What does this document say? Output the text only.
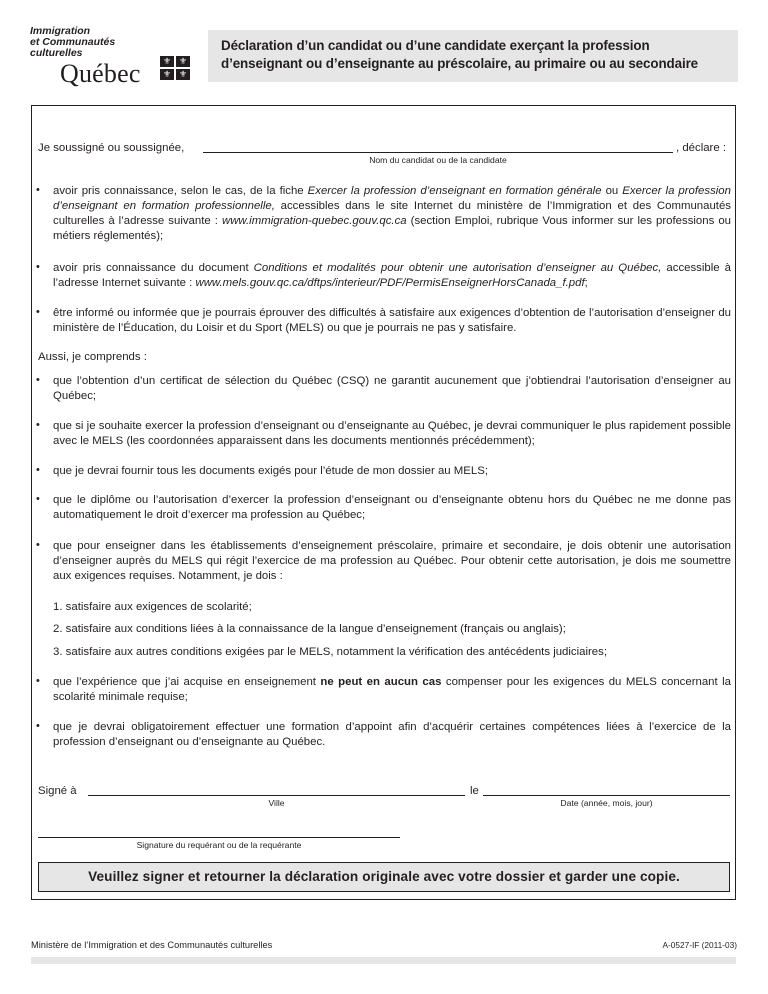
Immigration
et Communautés
culturelles
Québec	⚜ ⚜
⚜ ⚜
Déclaration d’un candidat ou d’une candidate exerçant la profession
d’enseignant ou d’enseignante au préscolaire, au primaire ou au secondaire
Je soussigné ou soussignée,	, déclare :
Nom du candidat ou de la candidate
• avoir pris connaissance, selon le cas, de la fiche Exercer la profession d’enseignant en formation générale ou Exercer la profession d’enseignant en formation professionnelle, accessibles dans le site Internet du ministère de l’Immigration et des Communautés culturelles à l’adresse suivante : www.immigration-quebec.gouv.qc.ca (section Emploi, rubrique Vous informer sur les professions ou métiers réglementés);
• avoir pris connaissance du document Conditions et modalités pour obtenir une autorisation d’enseigner au Québec, accessible à l’adresse Internet suivante : www.mels.gouv.qc.ca/dftps/interieur/PDF/PermisEnseignerHorsCanada_f.pdf;
• être informé ou informée que je pourrais éprouver des difficultés à satisfaire aux exigences d’obtention de l’autorisation d’enseigner du ministère de l’Éducation, du Loisir et du Sport (MELS) ou que je pourrais ne pas y satisfaire.
Aussi, je comprends :
• que l’obtention d’un certificat de sélection du Québec (CSQ) ne garantit aucunement que j’obtiendrai l’autorisation d’enseigner au Québec;
• que si je souhaite exercer la profession d’enseignant ou d’enseignante au Québec, je devrai communiquer le plus rapidement possible avec le MELS (les coordonnées apparaissent dans les documents mentionnés précédemment);
• que je devrai fournir tous les documents exigés pour l’étude de mon dossier au MELS;
• que le diplôme ou l’autorisation d’exercer la profession d’enseignant ou d’enseignante obtenu hors du Québec ne me donne pas automatiquement le droit d’exercer ma profession au Québec;
• que pour enseigner dans les établissements d’enseignement préscolaire, primaire et secondaire, je dois obtenir une autorisation d’enseigner auprès du MELS qui régit l’exercice de ma profession au Québec. Pour obtenir cette autorisation, je dois me soumettre aux exigences requises. Notamment, je dois :
1. satisfaire aux exigences de scolarité;
2. satisfaire aux conditions liées à la connaissance de la langue d’enseignement (français ou anglais);
3. satisfaire aux autres conditions exigées par le MELS, notamment la vérification des antécédents judiciaires;
• que l’expérience que j’ai acquise en enseignement ne peut en aucun cas compenser pour les exigences du MELS concernant la scolarité minimale requise;
• que je devrai obligatoirement effectuer une formation d’appoint afin d’acquérir certaines compétences liées à l’exercice de la profession d’enseignant ou d’enseignante au Québec.
Signé à	le
Ville	Date (année, mois, jour)
Signature du requérant ou de la requérante
Veuillez signer et retourner la déclaration originale avec votre dossier et garder une copie.
Ministère de l’Immigration et des Communautés culturelles	A-0527-IF (2011-03)
